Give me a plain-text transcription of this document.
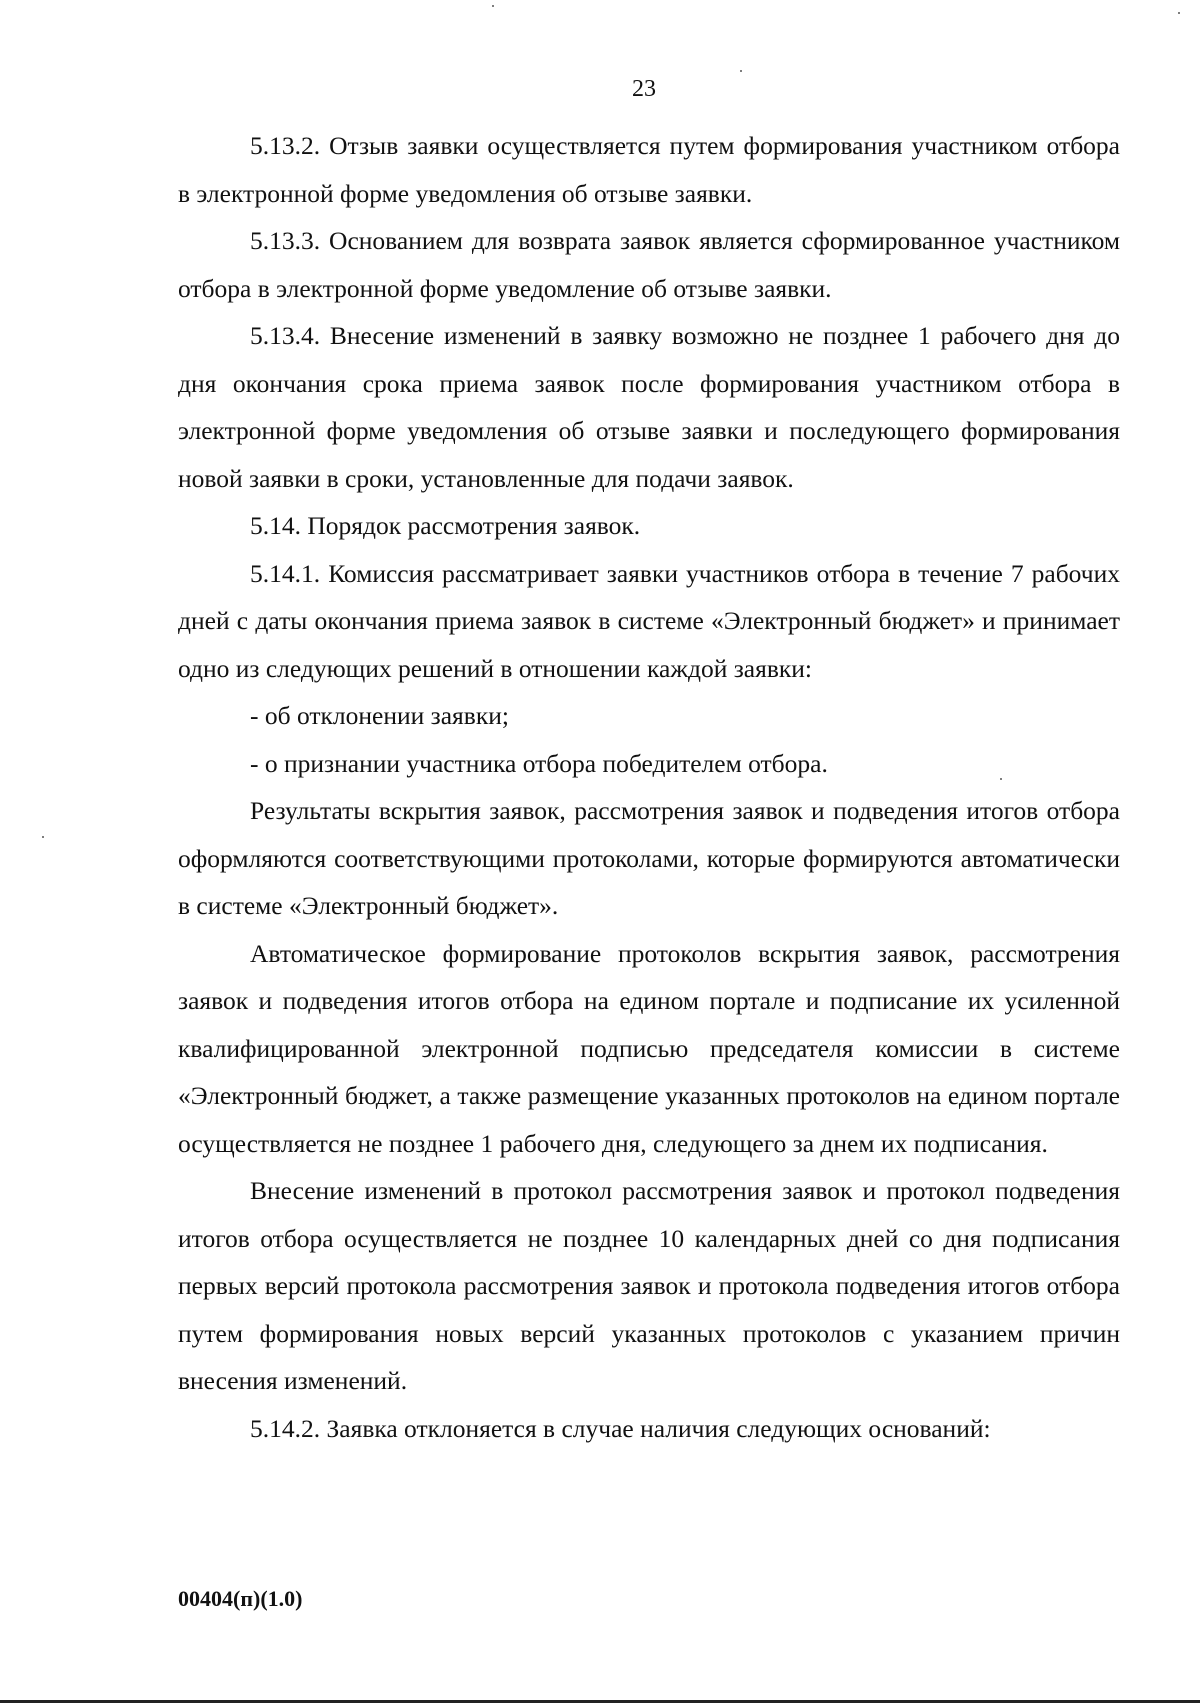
23

5.13.2. Отзыв заявки осуществляется путем формирования участником отбора в электронной форме уведомления об отзыве заявки.

5.13.3. Основанием для возврата заявок является сформированное участником отбора в электронной форме уведомление об отзыве заявки.

5.13.4. Внесение изменений в заявку возможно не позднее 1 рабочего дня до дня окончания срока приема заявок после формирования участником отбора в электронной форме уведомления об отзыве заявки и последующего формирования новой заявки в сроки, установленные для подачи заявок.

5.14. Порядок рассмотрения заявок.

5.14.1. Комиссия рассматривает заявки участников отбора в течение 7 рабочих дней с даты окончания приема заявок в системе «Электронный бюджет» и принимает одно из следующих решений в отношении каждой заявки:

- об отклонении заявки;

- о признании участника отбора победителем отбора.

Результаты вскрытия заявок, рассмотрения заявок и подведения итогов отбора оформляются соответствующими протоколами, которые формируются автоматически в системе «Электронный бюджет».

Автоматическое формирование протоколов вскрытия заявок, рассмотрения заявок и подведения итогов отбора на едином портале и подписание их усиленной квалифицированной электронной подписью председателя комиссии в системе «Электронный бюджет, а также размещение указанных протоколов на едином портале осуществляется не позднее 1 рабочего дня, следующего за днем их подписания.

Внесение изменений в протокол рассмотрения заявок и протокол подведения итогов отбора осуществляется не позднее 10 календарных дней со дня подписания первых версий протокола рассмотрения заявок и протокола подведения итогов отбора путем формирования новых версий указанных протоколов с указанием причин внесения изменений.

5.14.2. Заявка отклоняется в случае наличия следующих оснований:

00404(п)(1.0)
